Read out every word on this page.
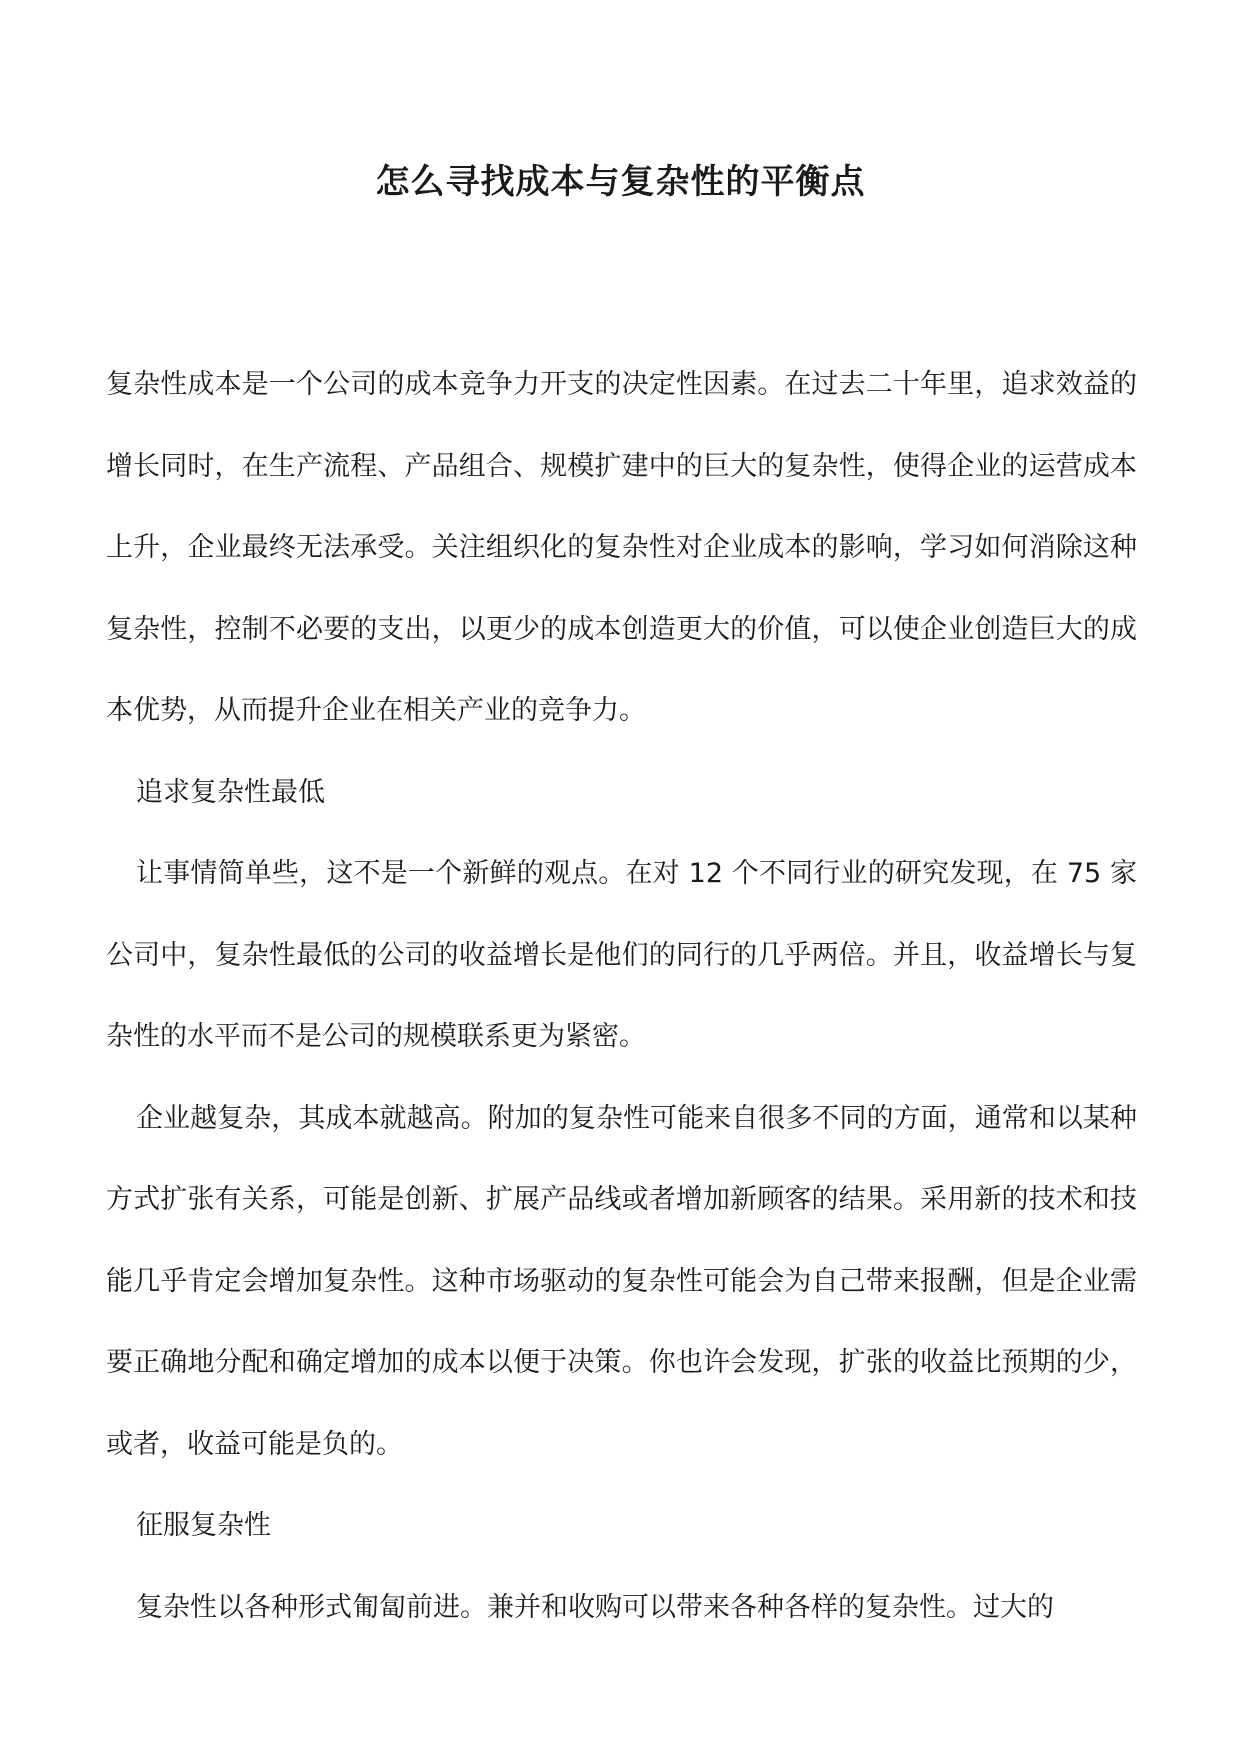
怎么寻找成本与复杂性的平衡点

复杂性成本是一个公司的成本竞争力开支的决定性因素。在过去二十年里，追求效益的增长同时，在生产流程、产品组合、规模扩建中的巨大的复杂性，使得企业的运营成本上升，企业最终无法承受。关注组织化的复杂性对企业成本的影响，学习如何消除这种复杂性，控制不必要的支出，以更少的成本创造更大的价值，可以使企业创造巨大的成本优势，从而提升企业在相关产业的竞争力。

追求复杂性最低

让事情简单些，这不是一个新鲜的观点。在对 12 个不同行业的研究发现，在 75 家公司中，复杂性最低的公司的收益增长是他们的同行的几乎两倍。并且，收益增长与复杂性的水平而不是公司的规模联系更为紧密。

企业越复杂，其成本就越高。附加的复杂性可能来自很多不同的方面，通常和以某种方式扩张有关系，可能是创新、扩展产品线或者增加新顾客的结果。采用新的技术和技能几乎肯定会增加复杂性。这种市场驱动的复杂性可能会为自己带来报酬，但是企业需要正确地分配和确定增加的成本以便于决策。你也许会发现，扩张的收益比预期的少，或者，收益可能是负的。

征服复杂性

复杂性以各种形式匍匐前进。兼并和收购可以带来各种各样的复杂性。过大的
